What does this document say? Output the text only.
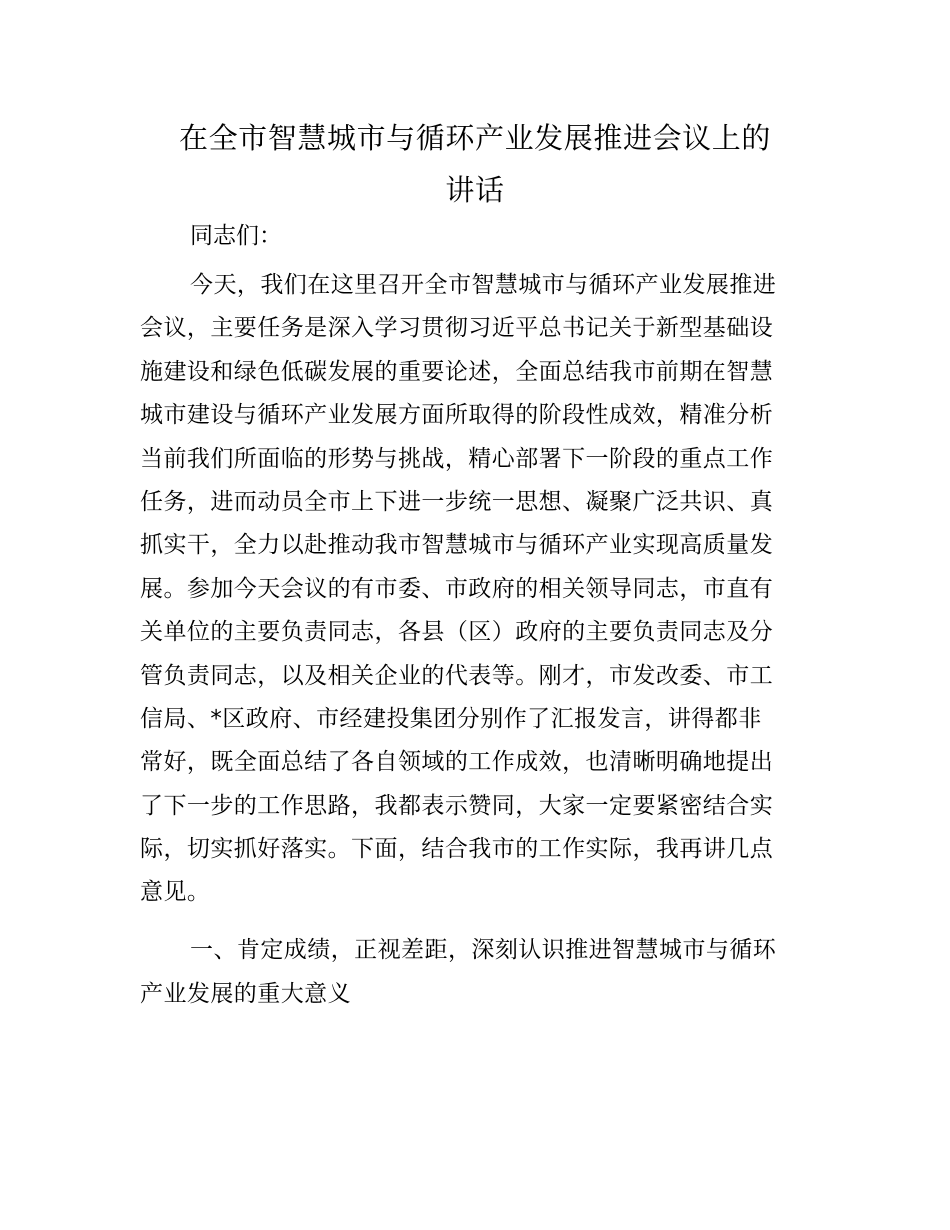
在全市智慧城市与循环产业发展推进会议上的
讲话

同志们：

今天，我们在这里召开全市智慧城市与循环产业发展推进
会议，主要任务是深入学习贯彻习近平总书记关于新型基础设
施建设和绿色低碳发展的重要论述，全面总结我市前期在智慧
城市建设与循环产业发展方面所取得的阶段性成效，精准分析
当前我们所面临的形势与挑战，精心部署下一阶段的重点工作
任务，进而动员全市上下进一步统一思想、凝聚广泛共识、真
抓实干，全力以赴推动我市智慧城市与循环产业实现高质量发
展。参加今天会议的有市委、市政府的相关领导同志，市直有
关单位的主要负责同志，各县（区）政府的主要负责同志及分
管负责同志，以及相关企业的代表等。刚才，市发改委、市工
信局、*区政府、市经建投集团分别作了汇报发言，讲得都非
常好，既全面总结了各自领域的工作成效，也清晰明确地提出
了下一步的工作思路，我都表示赞同，大家一定要紧密结合实
际，切实抓好落实。下面，结合我市的工作实际，我再讲几点
意见。
一、肯定成绩，正视差距，深刻认识推进智慧城市与循环
产业发展的重大意义
